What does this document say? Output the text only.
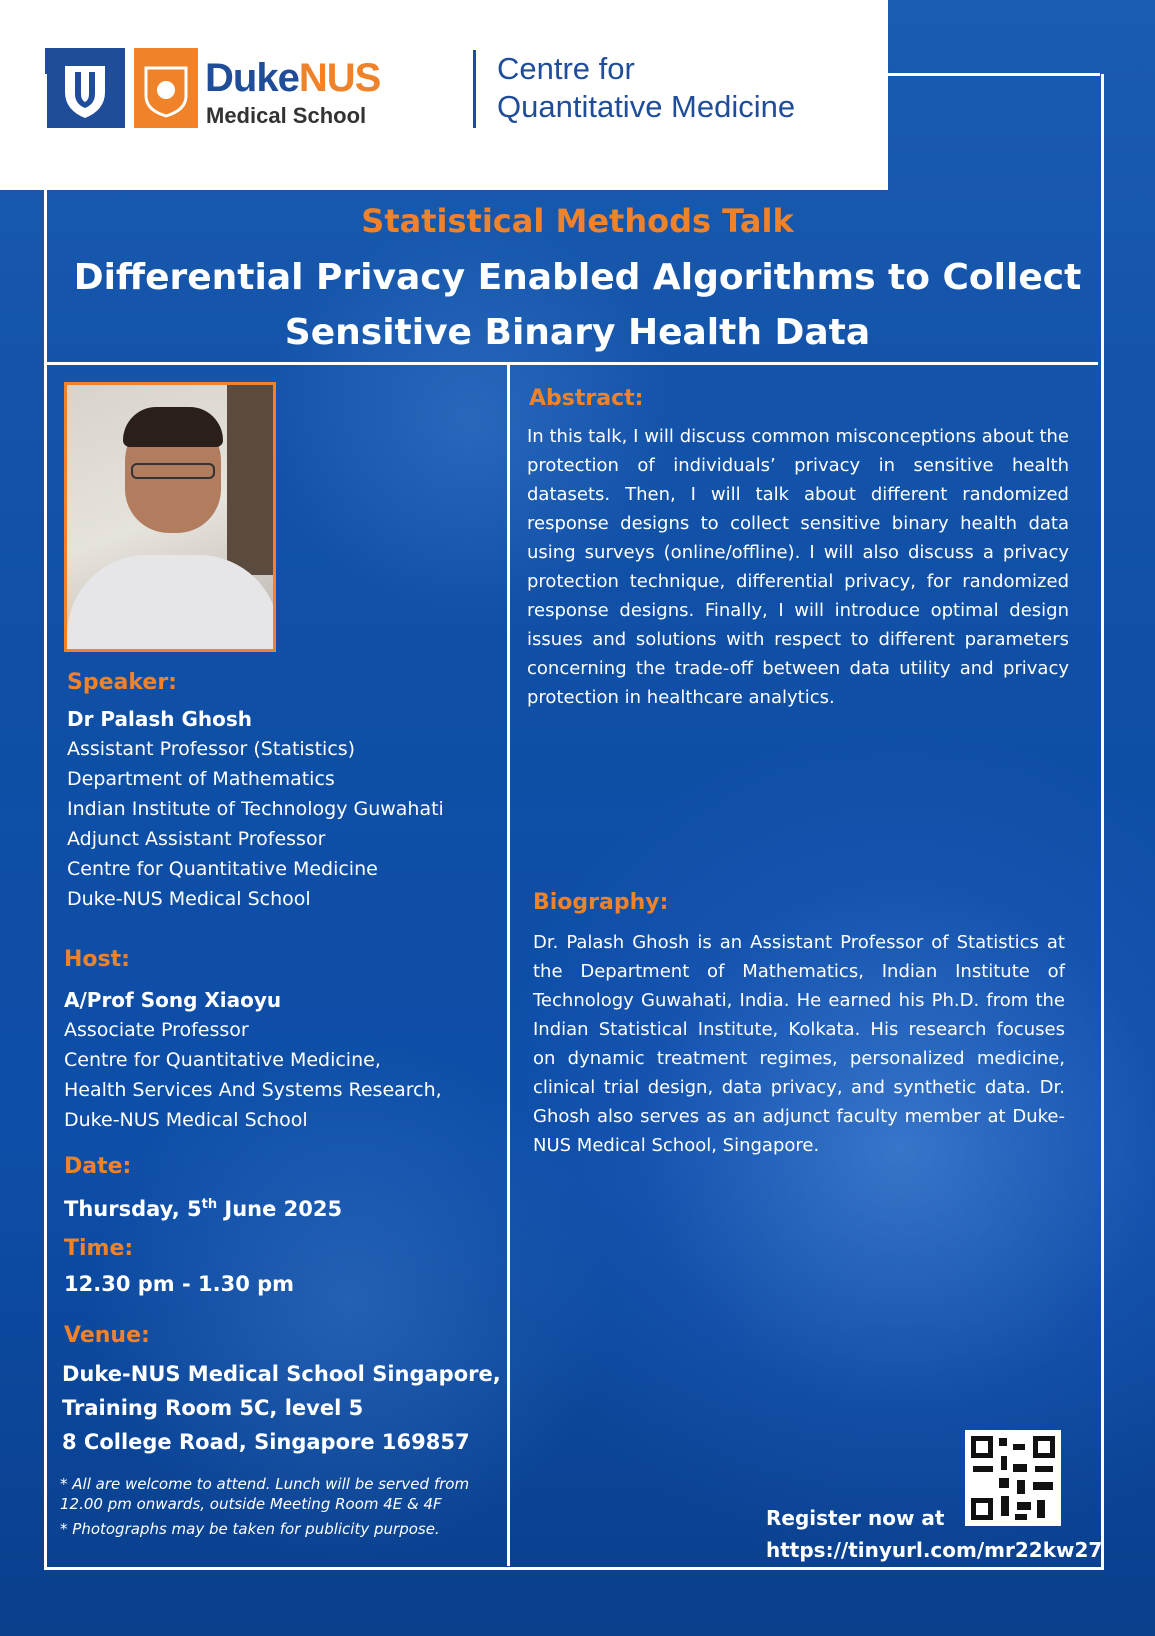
DukeNUS
Medical School
Centre for
Quantitative Medicine
Statistical Methods Talk
Differential Privacy Enabled Algorithms to Collect
Sensitive Binary Health Data
Speaker:
Dr Palash Ghosh
Assistant Professor (Statistics)
Department of Mathematics
Indian Institute of Technology Guwahati
Adjunct Assistant Professor
Centre for Quantitative Medicine
Duke-NUS Medical School
Host:
A/Prof Song Xiaoyu
Associate Professor
Centre for Quantitative Medicine,
Health Services And Systems Research,
Duke-NUS Medical School
Date:
Thursday, 5th June 2025
Time:
12.30 pm - 1.30 pm
Venue:
Duke-NUS Medical School Singapore,
Training Room 5C, level 5
8 College Road, Singapore 169857
* All are welcome to attend. Lunch will be served from
12.00 pm onwards, outside Meeting Room 4E & 4F
* Photographs may be taken for publicity purpose.
Abstract:
In this talk, I will discuss common misconceptions about the protection of individuals’ privacy in sensitive health datasets. Then, I will talk about different randomized response designs to collect sensitive binary health data using surveys (online/offline). I will also discuss a privacy protection technique, differential privacy, for randomized response designs. Finally, I will introduce optimal design issues and solutions with respect to different parameters concerning the trade-off between data utility and privacy protection in healthcare analytics.
Biography:
Dr. Palash Ghosh is an Assistant Professor of Statistics at the Department of Mathematics, Indian Institute of Technology Guwahati, India. He earned his Ph.D. from the Indian Statistical Institute, Kolkata. His research focuses on dynamic treatment regimes, personalized medicine, clinical trial design, data privacy, and synthetic data. Dr. Ghosh also serves as an adjunct faculty member at Duke-NUS Medical School, Singapore.
Register now at
https://tinyurl.com/mr22kw27
